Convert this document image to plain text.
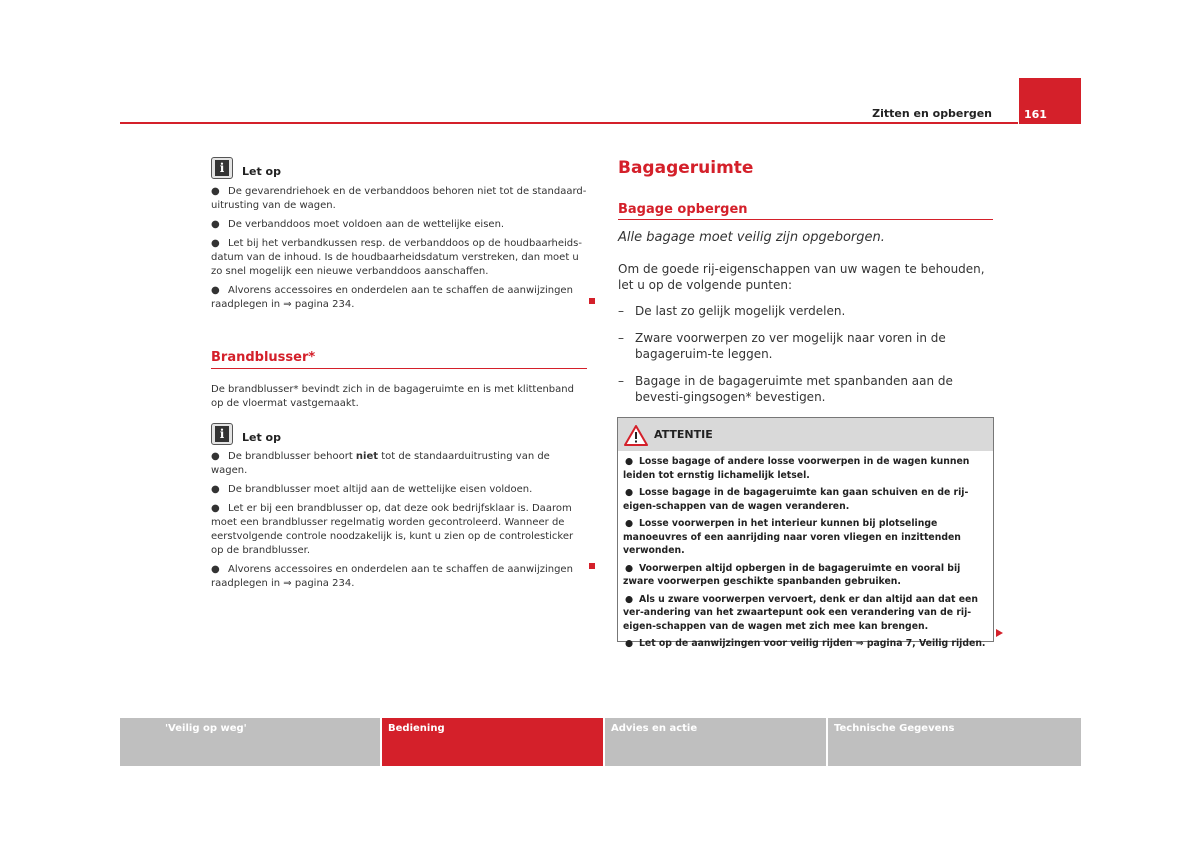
Zitten en opbergen	161
i	Let op
● De gevarendriehoek en de verbanddoos behoren niet tot de standaard-uitrusting van de wagen.
● De verbanddoos moet voldoen aan de wettelijke eisen.
● Let bij het verbandkussen resp. de verbanddoos op de houdbaarheids-datum van de inhoud. Is de houdbaarheidsdatum verstreken, dan moet u zo snel mogelijk een nieuwe verbanddoos aanschaffen.
● Alvorens accessoires en onderdelen aan te schaffen de aanwijzingen raadplegen in ⇒ pagina 234.
Brandblusser*
De brandblusser* bevindt zich in de bagageruimte en is met klittenband op de vloermat vastgemaakt.
i	Let op
● De brandblusser behoort niet tot de standaarduitrusting van de wagen.
● De brandblusser moet altijd aan de wettelijke eisen voldoen.
● Let er bij een brandblusser op, dat deze ook bedrijfsklaar is. Daarom moet een brandblusser regelmatig worden gecontroleerd. Wanneer de eerstvolgende controle noodzakelijk is, kunt u zien op de controlesticker op de brandblusser.
● Alvorens accessoires en onderdelen aan te schaffen de aanwijzingen raadplegen in ⇒ pagina 234.
Bagageruimte
Bagage opbergen
Alle bagage moet veilig zijn opgeborgen.
Om de goede rij-eigenschappen van uw wagen te behouden, let u op de volgende punten:
– De last zo gelijk mogelijk verdelen.
– Zware voorwerpen zo ver mogelijk naar voren in de bagageruim-te leggen.
– Bagage in de bagageruimte met spanbanden aan de bevesti-gingsogen* bevestigen.
ATTENTIE
● Losse bagage of andere losse voorwerpen in de wagen kunnen leiden tot ernstig lichamelijk letsel.
● Losse bagage in de bagageruimte kan gaan schuiven en de rij-eigen-schappen van de wagen veranderen.
● Losse voorwerpen in het interieur kunnen bij plotselinge manoeuvres of een aanrijding naar voren vliegen en inzittenden verwonden.
● Voorwerpen altijd opbergen in de bagageruimte en vooral bij zware voorwerpen geschikte spanbanden gebruiken.
● Als u zware voorwerpen vervoert, denk er dan altijd aan dat een ver-andering van het zwaartepunt ook een verandering van de rij-eigen-schappen van de wagen met zich mee kan brengen.
● Let op de aanwijzingen voor veilig rijden ⇒ pagina 7, Veilig rijden.
'Veilig op weg'	Bediening	Advies en actie	Technische Gegevens
